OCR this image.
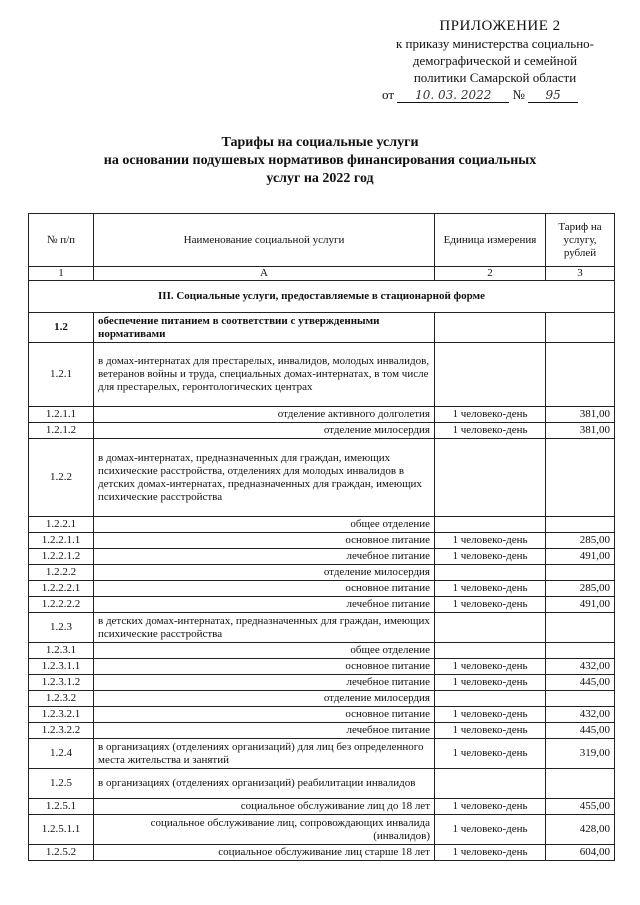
ПРИЛОЖЕНИЕ 2
к приказу министерства социально-
демографической и семейной
политики Самарской области
от 10. 03. 2022 № 95
Тарифы на социальные услуги
на основании подушевых нормативов финансирования социальных
услуг на 2022 год
№ п/п	Наименование социальной услуги	Единица измерения	Тариф на услугу, рублей
1	А	2	3
III. Социальные услуги, предоставляемые в стационарной форме			
1.2	обеспечение питанием в соответствии с утвержденными нормативами		
1.2.1	в домах-интернатах для престарелых, инвалидов, молодых инвалидов, ветеранов войны и труда, специальных домах-интернатах, в том числе для престарелых, геронтологических центрах		
1.2.1.1	отделение активного долголетия	1 человеко-день	381,00
1.2.1.2	отделение милосердия	1 человеко-день	381,00
1.2.2	в домах-интернатах, предназначенных для граждан, имеющих психические расстройства, отделениях для молодых инвалидов в детских домах-интернатах, предназначенных для граждан, имеющих психические расстройства		
1.2.2.1	общее отделение		
1.2.2.1.1	основное питание	1 человеко-день	285,00
1.2.2.1.2	лечебное питание	1 человеко-день	491,00
1.2.2.2	отделение милосердия		
1.2.2.2.1	основное питание	1 человеко-день	285,00
1.2.2.2.2	лечебное питание	1 человеко-день	491,00
1.2.3	в детских домах-интернатах, предназначенных для граждан, имеющих психические расстройства		
1.2.3.1	общее отделение		
1.2.3.1.1	основное питание	1 человеко-день	432,00
1.2.3.1.2	лечебное питание	1 человеко-день	445,00
1.2.3.2	отделение милосердия		
1.2.3.2.1	основное питание	1 человеко-день	432,00
1.2.3.2.2	лечебное питание	1 человеко-день	445,00
1.2.4	в организациях (отделениях организаций) для лиц без определенного места жительства и занятий	1 человеко-день	319,00
1.2.5	в организациях (отделениях организаций) реабилитации инвалидов		
1.2.5.1	социальное обслуживание лиц до 18 лет	1 человеко-день	455,00
1.2.5.1.1	социальное обслуживание лиц, сопровождающих инвалида (инвалидов)	1 человеко-день	428,00
1.2.5.2	социальное обслуживание лиц старше 18 лет	1 человеко-день	604,00
